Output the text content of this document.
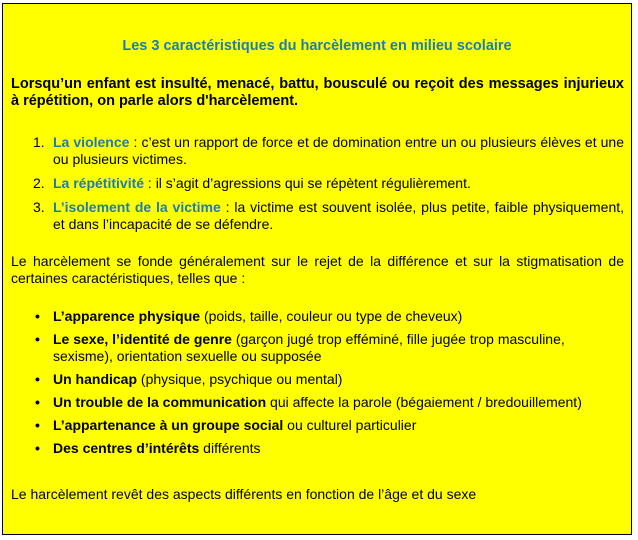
Les 3 caractéristiques du harcèlement en milieu scolaire
Lorsqu’un enfant est insulté, menacé, battu, bousculé ou reçoit des messages injurieux à répétition, on parle alors d'harcèlement.
1. La violence : c’est un rapport de force et de domination entre un ou plusieurs élèves et une ou plusieurs victimes.
2. La répétitivité : il s’agit d’agressions qui se répètent régulièrement.
3. L’isolement de la victime : la victime est souvent isolée, plus petite, faible physiquement, et dans l’incapacité de se défendre.
Le harcèlement se fonde généralement sur le rejet de la différence et sur la stigmatisation de certaines caractéristiques, telles que :
• L’apparence physique (poids, taille, couleur ou type de cheveux)
• Le sexe, l’identité de genre (garçon jugé trop efféminé, fille jugée trop masculine, sexisme), orientation sexuelle ou supposée
• Un handicap (physique, psychique ou mental)
• Un trouble de la communication qui affecte la parole (bégaiement / bredouillement)
• L’appartenance à un groupe social ou culturel particulier
• Des centres d’intérêts différents
Le harcèlement revêt des aspects différents en fonction de l’âge et du sexe
